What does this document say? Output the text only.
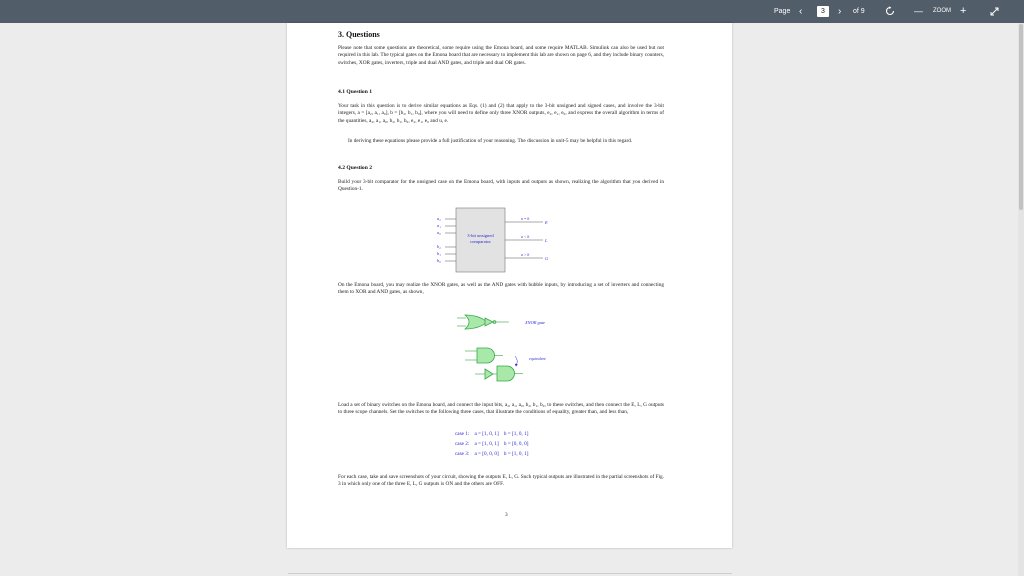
Page ‹	3	› of 9	— ZOOM +
3. Questions
Please note that some questions are theoretical, some require using the Emona board, and some require MATLAB. Simulink can also be used but not required in this lab. The typical gates on the Emona board that are necessary to implement this lab are shown on page 6, and they include binary counters, switches, XOR gates, inverters, triple and dual AND gates, and triple and dual OR gates.
4.1 Question 1
Your task in this question is to derive similar equations as Eqs. (1) and (2) that apply to the 3-bit unsigned and signed cases, and involve the 3-bit integers, a = [a₂, a₁, a₀], b = [b₂, b₁, b₀], where you will need to define only three XNOR outputs, e₂, e₁, e₀, and express the overall algorithm in terms of the quantities, a₂, a₁, a₀, b₂, b₁, b₀, e₂, e₁, e₀ and u, e.
In deriving these equations please provide a full justification of your reasoning. The discussion in unit-5 may be helpful in this regard.
4.2 Question 2
Build your 3-bit comparator for the unsigned case on the Emona board, with inputs and outputs as shown, realizing the algorithm that you derived in Question-1.
3-bit unsigned
comparator
a₂
a₁
a₀
b₂
b₁
b₀
a = b
a < b
a > b
E
L
G
On the Emona board, you may realize the XNOR gates, as well as the AND gates with bubble inputs, by introducing a set of inverters and connecting them to XOR and AND gates, as shown,
XNOR gate
equivalent
Load a set of binary switches on the Emona board, and connect the input bits, a₂, a₁, a₀, b₂, b₁, b₀, to these switches, and then connect the E, L, G outputs to three scope channels. Set the switches to the following three cases, that illustrate the conditions of equality, greater than, and less than,
case 1: a = [1, 0, 1] b = [1, 0, 1]
case 2: a = [1, 0, 1] b = [0, 0, 0]
case 3: a = [0, 0, 0] b = [1, 0, 1]
For each case, take and save screenshots of your circuit, showing the outputs E, L, G. Such typical outputs are illustrated in the partial screenshots of Fig. 3 in which only one of the three E, L, G outputs is ON and the others are OFF.
3
